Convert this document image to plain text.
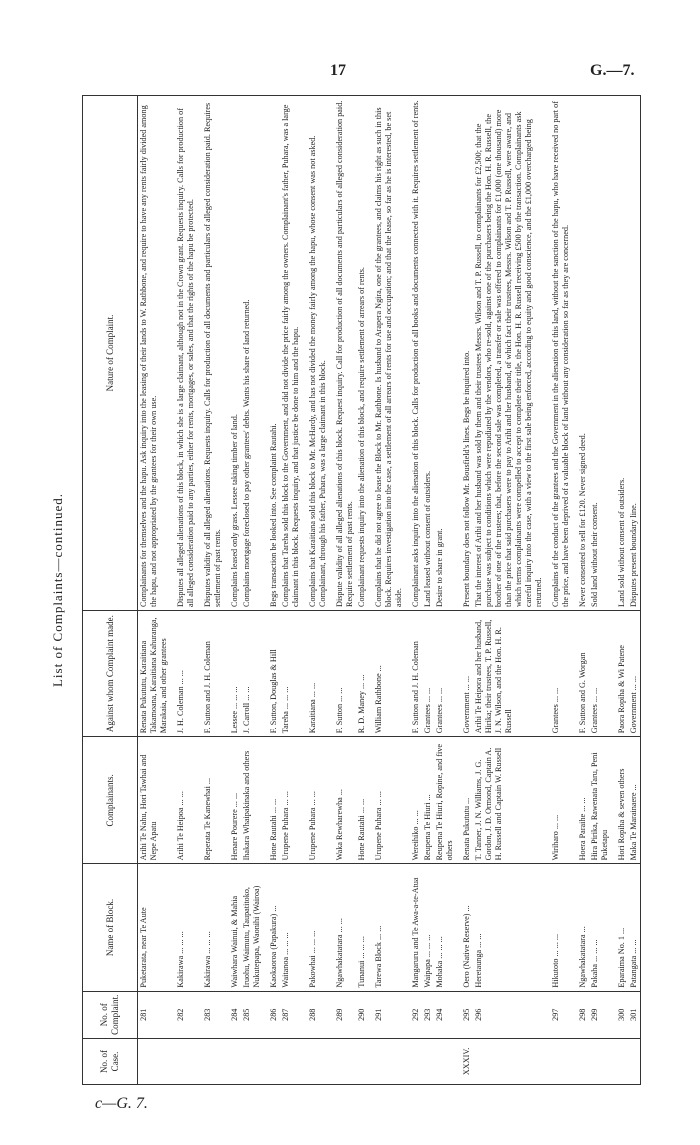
17	G.—7.
List of Complaints—continued.
No. of Case.	No. of Complaint.	Name of Block.	Complainants.	Against whom Complaint made.	Nature of Complaint.
	281	Puketarata, near Te Aute	Arihi Te Nahu, Hori Tawhai and Nepe Apatu	Renata Pukututu, Karaitiana Takamoana, Karaitiana Kahuranga, Marakaia, and other grantees	Complainants for themselves and the hapu. Ask inquiry into the leasing of their lands to W. Rathbone, and require to have any rents fairly divided among the hapu, and not appropriated by the grantees for their own use.
	282	Kakirawa ... ... ...	Arihi Te Heipoa ... ...	J. H. Coleman ... ...	Disputes all alleged alienations of this block, in which she is a large claimant, although not in the Crown grant. Requests inquiry. Calls for production of all alleged consideration paid to any parties, either for rents, mortgages, or sales, and that the rights of the hapu be protected.
	283	Kakirawa ... ... ...	Reperata Te Kanewhai ...	F. Sutton and J. H. Coleman	Disputes validity of all alleged alienations. Requests inquiry. Calls for production of all documents and particulars of alleged consideration paid. Requires settlement of past rents.
	284	Waiwhara Wainui, & Mahia	Henare Pourere ... ...	Lessee ... ... ...	Complains leased only grass. Lessee taking timber of land.
	285	Iruohu, Waimutu, Taupatitoko, Nukutepapa, Waonihi (Wairoa)	Ihakara Whaipakinaka and others	J. Carroll ... ...	Complains mortgage foreclosed to pay other grantees' debts. Wants his share of land returned.
	286	Kaokaoroa (Papakura) ...	Hone Rautahi ... ...	F. Sutton, Douglas & Hill	Begs transaction be looked into. See complaint Rautahi.
	287	Waitanoa ... ... ...	Urupene Puhara ... ...	Tareha ... ... ...	Complains that Tareha sold this block to the Government, and did not divide the price fairly among the owners. Complainant's father, Puhara, was a large claimant in this block. Requests inquiry, and that justice be done to him and the hapu.
	288	Pakowhai ... ... ...	Urupene Puhara ... ...	Karaitiana ... ...	Complains that Karaitiana sold this block to Mr. McHardy, and has not divided the money fairly among the hapu, whose consent was not asked. Complainant, through his father, Puhara, was a large claimant in this block.
	289	Ngawhakatatara ... ...	Waka Rewharewha ...	F. Sutton ... ...	Dispute validity of all alleged alienations of this block. Request inquiry. Call for production of all documents and particulars of alleged consideration paid. Require settlement of past rents.
	290	Tunanui ... ... ...	Hone Rautahi ... ...	R. D. Maney ... ...	Complainant requests inquiry into the alienation of this block, and require settlement of arrears of rents.
	291	Tarewa Block ... ...	Urupene Puhara ... ...	William Rathbone ...	Complains that he did not agree to lease the Block to Mr. Rathbone. Is husband to Arapera Ngira, one of the grantees, and claims his right as such in this block. Requires investigation into the case, a settlement of all arrears of rents for use and occupation; and that the lease, so far as he is interested, be set aside.
	292	Mangaruru and Te Awa-a-te-Atua	Wereihiko ... ...	F. Sutton and J. H. Coleman	Complainant asks inquiry into the alienation of this block. Calls for production of all books and documents connected with it. Requires settlement of rents.
	293	Waipapa ... ... ...	Reupena Te Hiuri ...	Grantees ... ...	Land leased without consent of outsiders.
	294	Mohaka ... ... ...	Reupena Te Hiuri, Ropine, and five others	Grantees ... ...	Desire to share in grant.
XXXIV.	295	Oero (Native Reserve) ...	Renata Pukututu ...	Government ... ...	Present boundary does not follow Mr. Bousfield's lines. Begs be inquired into.
	296	Heretaunga ... ...	T. Tanner, J. N. Williams, J. G. Gordon, J. D. Ormond, Captain A. H. Russell and Captain W. Russell	Arihi Te Heipora and her husband, Hirika; their trustees, T. P. Russell, J. N. Wilson, and the Hon. H. R. Russell	That the interest of Arihi and her husband was sold by them and their trustees Messrs. Wilson and T. P. Russell, to complainants for £2,500; that the purchase was subject to conditions which were repudiated by the vendors, who re-sold, against one of the purchasers being the Hon. H. R. Russell, the brother of one of the trustees; that, before the second sale was completed, a transfer or sale was offered to complainants for £1,000 (one thousand) more than the price that said purchasers were to pay to Arihi and her husband, of which fact their trustees, Messrs. Wilson and T. P. Russell, were aware, and which terms complainants were compelled to accept to complete their title, the Hon. H. R. Russell receiving £500 by the transaction. Complainants ask careful inquiry into the case, with a view to the first sale being enforced, according to equity and good conscience, and the £1,000 overcharged being returned.
	297	Hikutoto ... ... ...	Wiriharo ... ...	Grantees ... ...	Complains of the conduct of the grantees and the Government in the alienation of this land, without the sanction of the hapu, who have received no part of the price, and have been deprived of a valuable block of land without any consideration so far as they are concerned.
	298	Ngawhakatatara ...	Hoera Paraihe ... ...	F. Sutton and G. Worgan	Never consented to sell for £120. Never signed deed.
	299	Pakaha ... ... ...	Hira Pirika, Rawenata Taru, Peni Puketapu	Grantees ... ...	Sold land without their consent.
	300	Eparaima No. 1 ...	Hori Ropiha & seven others	Paora Ropiha & Wi Patene	Land sold without consent of outsiders.
	301	Patangata ... ...	Maka Te Marainaere ...	Government ... ...	Disputes present boundary line.
c—G. 7.
